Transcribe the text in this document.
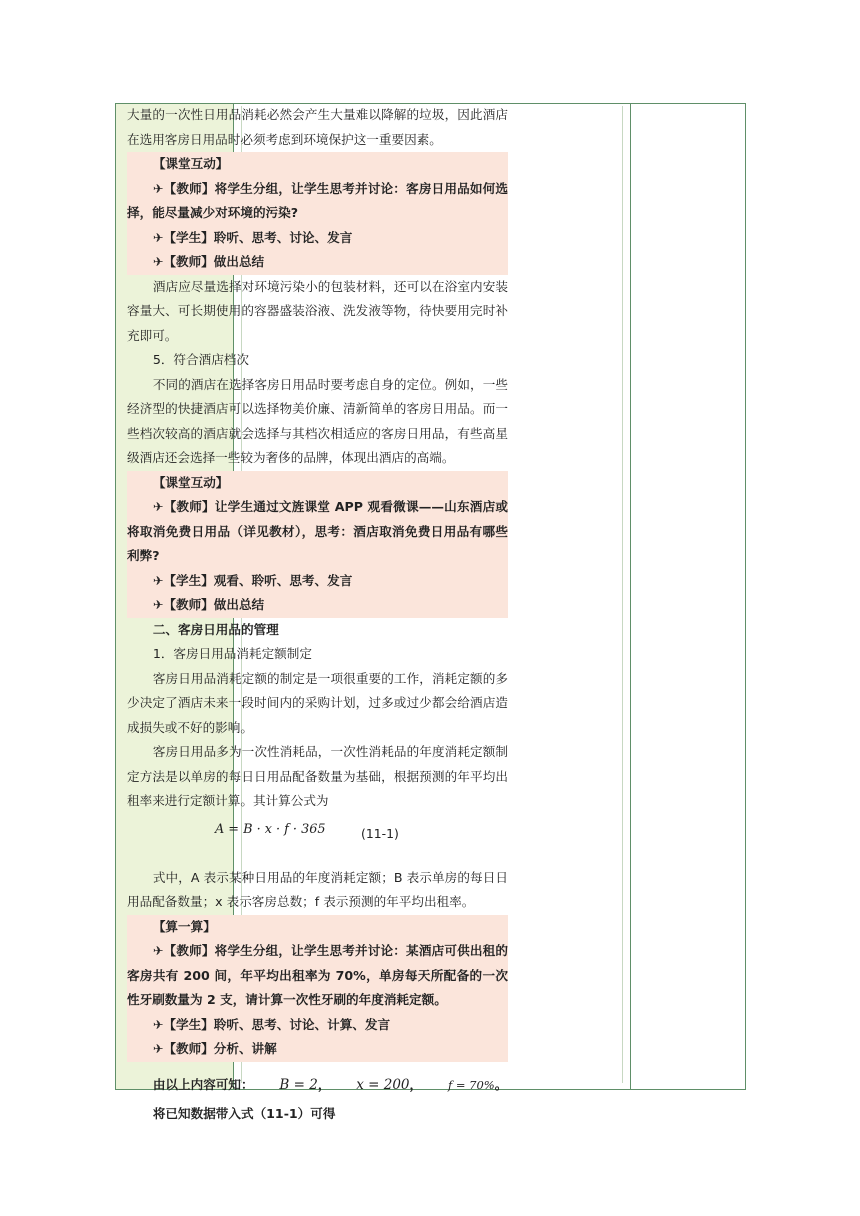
大量的一次性日用品消耗必然会产生大量难以降解的垃圾，因此酒店在选用客房日用品时必须考虑到环境保护这一重要因素。

【课堂互动】

✈【教师】将学生分组，让学生思考并讨论：客房日用品如何选择，能尽量减少对环境的污染?

✈【学生】聆听、思考、讨论、发言

✈【教师】做出总结

酒店应尽量选择对环境污染小的包装材料，还可以在浴室内安装容量大、可长期使用的容器盛装浴液、洗发液等物，待快要用完时补充即可。

5．符合酒店档次

不同的酒店在选择客房日用品时要考虑自身的定位。例如，一些经济型的快捷酒店可以选择物美价廉、清新简单的客房日用品。而一些档次较高的酒店就会选择与其档次相适应的客房日用品，有些高星级酒店还会选择一些较为奢侈的品牌，体现出酒店的高端。

【课堂互动】

✈【教师】让学生通过文旌课堂 APP 观看微课——山东酒店或将取消免费日用品（详见教材），思考：酒店取消免费日用品有哪些利弊?

✈【学生】观看、聆听、思考、发言

✈【教师】做出总结

二、客房日用品的管理

1．客房日用品消耗定额制定

客房日用品消耗定额的制定是一项很重要的工作，消耗定额的多少决定了酒店未来一段时间内的采购计划，过多或过少都会给酒店造成损失或不好的影响。

客房日用品多为一次性消耗品，一次性消耗品的年度消耗定额制定方法是以单房的每日日用品配备数量为基础，根据预测的年平均出租率来进行定额计算。其计算公式为

A = B · x · f · 365	(11-1)

式中，A 表示某种日用品的年度消耗定额；B 表示单房的每日日用品配备数量；x 表示客房总数；f 表示预测的年平均出租率。

【算一算】

✈【教师】将学生分组，让学生思考并讨论：某酒店可供出租的客房共有 200 间，年平均出租率为 70%，单房每天所配备的一次性牙刷数量为 2 支，请计算一次性牙刷的年度消耗定额。

✈【学生】聆听、思考、讨论、计算、发言

✈【教师】分析、讲解

由以上内容可知： B = 2， x = 200， f = 70%。

将已知数据带入式（11-1）可得
